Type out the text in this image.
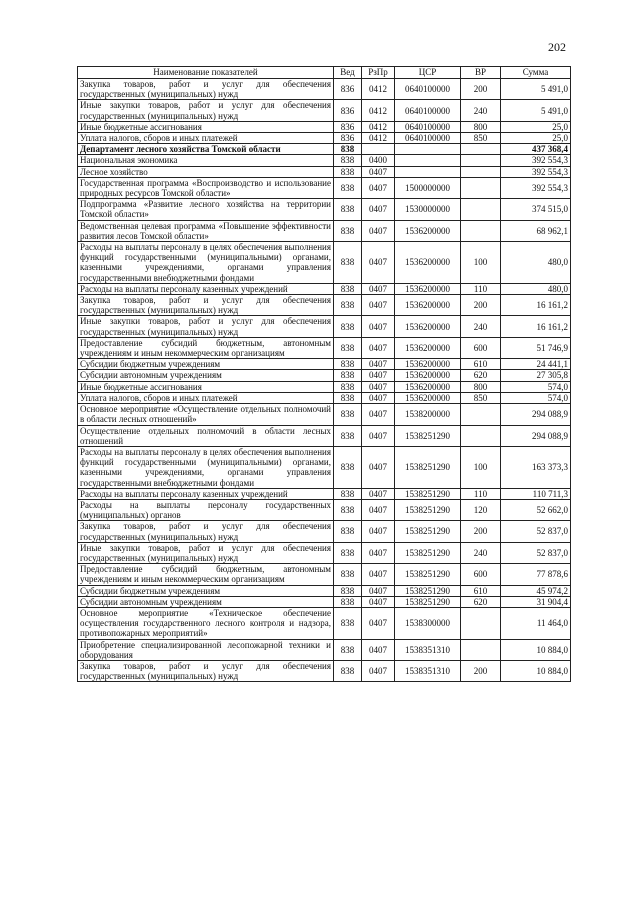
202
Наименование показателей	Вед	РзПр	ЦСР	ВР	Сумма
Закупка товаров, работ и услуг для обеспечения государственных (муниципальных) нужд	836	0412	0640100000	200	5 491,0
Иные закупки товаров, работ и услуг для обеспечения государственных (муниципальных) нужд	836	0412	0640100000	240	5 491,0
Иные бюджетные ассигнования	836	0412	0640100000	800	25,0
Уплата налогов, сборов и иных платежей	836	0412	0640100000	850	25,0
Департамент лесного хозяйства Томской области	838				437 368,4
Национальная экономика	838	0400			392 554,3
Лесное хозяйство	838	0407			392 554,3
Государственная программа «Воспроизводство и использование природных ресурсов Томской области»	838	0407	1500000000		392 554,3
Подпрограмма «Развитие лесного хозяйства на территории Томской области»	838	0407	1530000000		374 515,0
Ведомственная целевая программа «Повышение эффективности развития лесов Томской области»	838	0407	1536200000		68 962,1
Расходы на выплаты персоналу в целях обеспечения выполнения функций государственными (муниципальными) органами, казенными учреждениями, органами управления государственными внебюджетными фондами	838	0407	1536200000	100	480,0
Расходы на выплаты персоналу казенных учреждений	838	0407	1536200000	110	480,0
Закупка товаров, работ и услуг для обеспечения государственных (муниципальных) нужд	838	0407	1536200000	200	16 161,2
Иные закупки товаров, работ и услуг для обеспечения государственных (муниципальных) нужд	838	0407	1536200000	240	16 161,2
Предоставление субсидий бюджетным, автономным учреждениям и иным некоммерческим организациям	838	0407	1536200000	600	51 746,9
Субсидии бюджетным учреждениям	838	0407	1536200000	610	24 441,1
Субсидии автономным учреждениям	838	0407	1536200000	620	27 305,8
Иные бюджетные ассигнования	838	0407	1536200000	800	574,0
Уплата налогов, сборов и иных платежей	838	0407	1536200000	850	574,0
Основное мероприятие «Осуществление отдельных полномочий в области лесных отношений»	838	0407	1538200000		294 088,9
Осуществление отдельных полномочий в области лесных отношений	838	0407	1538251290		294 088,9
Расходы на выплаты персоналу в целях обеспечения выполнения функций государственными (муниципальными) органами, казенными учреждениями, органами управления государственными внебюджетными фондами	838	0407	1538251290	100	163 373,3
Расходы на выплаты персоналу казенных учреждений	838	0407	1538251290	110	110 711,3
Расходы на выплаты персоналу государственных (муниципальных) органов	838	0407	1538251290	120	52 662,0
Закупка товаров, работ и услуг для обеспечения государственных (муниципальных) нужд	838	0407	1538251290	200	52 837,0
Иные закупки товаров, работ и услуг для обеспечения государственных (муниципальных) нужд	838	0407	1538251290	240	52 837,0
Предоставление субсидий бюджетным, автономным учреждениям и иным некоммерческим организациям	838	0407	1538251290	600	77 878,6
Субсидии бюджетным учреждениям	838	0407	1538251290	610	45 974,2
Субсидии автономным учреждениям	838	0407	1538251290	620	31 904,4
Основное мероприятие «Техническое обеспечение осуществления государственного лесного контроля и надзора, противопожарных мероприятий»	838	0407	1538300000		11 464,0
Приобретение специализированной лесопожарной техники и оборудования	838	0407	1538351310		10 884,0
Закупка товаров, работ и услуг для обеспечения государственных (муниципальных) нужд	838	0407	1538351310	200	10 884,0
